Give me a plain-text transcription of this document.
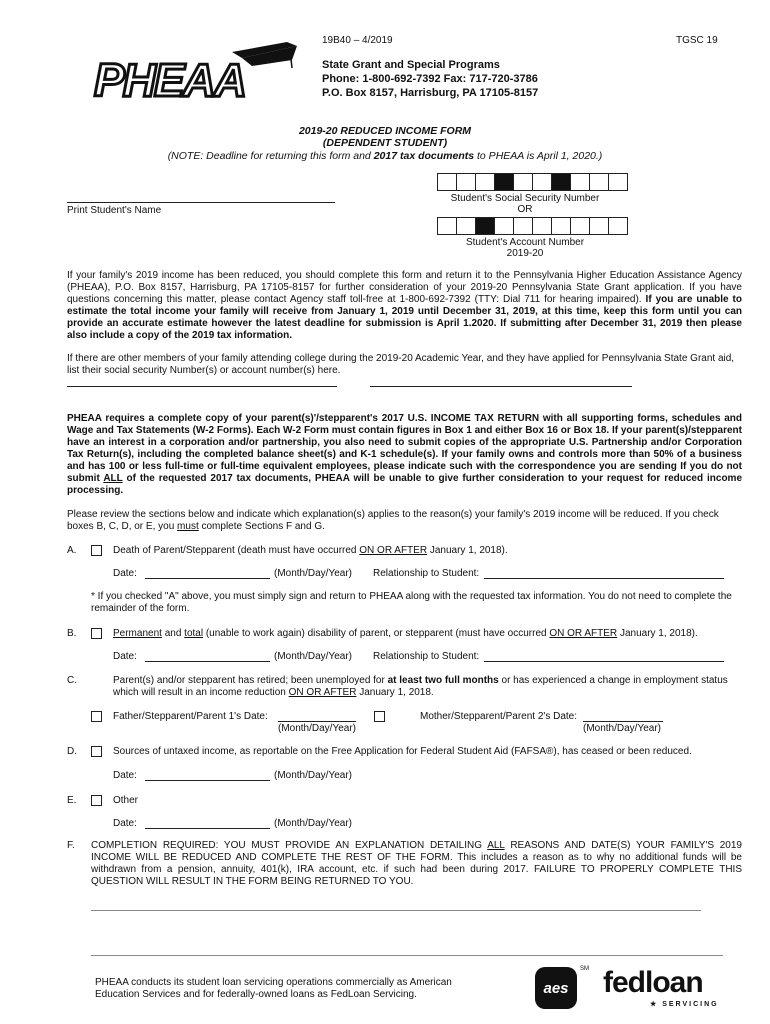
19B40 – 4/2019	TGSC 19
PHEAA	State Grant and Special Programs
Phone: 1-800-692-7392 Fax: 717-720-3786
P.O. Box 8157, Harrisburg, PA 17105-8157
2019-20 REDUCED INCOME FORM
(DEPENDENT STUDENT)
(NOTE: Deadline for returning this form and 2017 tax documents to PHEAA is April 1, 2020.)
Print Student's Name
Student's Social Security Number
OR
Student's Account Number
2019-20
If your family's 2019 income has been reduced, you should complete this form and return it to the Pennsylvania Higher Education Assistance Agency (PHEAA), P.O. Box 8157, Harrisburg, PA 17105-8157 for further consideration of your 2019-20 Pennsylvania State Grant application. If you have questions concerning this matter, please contact Agency staff toll-free at 1-800-692-7392 (TTY: Dial 711 for hearing impaired). If you are unable to estimate the total income your family will receive from January 1, 2019 until December 31, 2019, at this time, keep this form until you can provide an accurate estimate however the latest deadline for submission is April 1.2020. If submitting after December 31, 2019 then please also include a copy of the 2019 tax information.
If there are other members of your family attending college during the 2019-20 Academic Year, and they have applied for Pennsylvania State Grant aid, list their social security Number(s) or account number(s) here.
PHEAA requires a complete copy of your parent(s)'/stepparent's 2017 U.S. INCOME TAX RETURN with all supporting forms, schedules and Wage and Tax Statements (W-2 Forms). Each W-2 Form must contain figures in Box 1 and either Box 16 or Box 18. If your parent(s)/stepparent have an interest in a corporation and/or partnership, you also need to submit copies of the appropriate U.S. Partnership and/or Corporation Tax Return(s), including the completed balance sheet(s) and K-1 schedule(s). If your family owns and controls more than 50% of a business and has 100 or less full-time or full-time equivalent employees, please indicate such with the correspondence you are sending If you do not submit ALL of the requested 2017 tax documents, PHEAA will be unable to give further consideration to your request for reduced income processing.
Please review the sections below and indicate which explanation(s) applies to the reason(s) your family's 2019 income will be reduced. If you check boxes B, C, D, or E, you must complete Sections F and G.
A.	Death of Parent/Stepparent (death must have occurred ON OR AFTER January 1, 2018).
Date:	(Month/Day/Year) Relationship to Student:
* If you checked "A" above, you must simply sign and return to PHEAA along with the requested tax information. You do not need to complete the remainder of the form.
B.	Permanent and total (unable to work again) disability of parent, or stepparent (must have occurred ON OR AFTER January 1, 2018).
Date:	(Month/Day/Year) Relationship to Student:
C.	Parent(s) and/or stepparent has retired; been unemployed for at least two full months or has experienced a change in employment status which will result in an income reduction ON OR AFTER January 1, 2018.
Father/Stepparent/Parent 1's Date:
(Month/Day/Year)
Mother/Stepparent/Parent 2's Date:
(Month/Day/Year)
D.	Sources of untaxed income, as reportable on the Free Application for Federal Student Aid (FAFSA®), has ceased or been reduced.
Date:	(Month/Day/Year)
E.	Other
Date:	(Month/Day/Year)
F. COMPLETION REQUIRED: YOU MUST PROVIDE AN EXPLANATION DETAILING ALL REASONS AND DATE(S) YOUR FAMILY'S 2019 INCOME WILL BE REDUCED AND COMPLETE THE REST OF THE FORM. This includes a reason as to why no additional funds will be withdrawn from a pension, annuity, 401(k), IRA account, etc. if such had been during 2017. FAILURE TO PROPERLY COMPLETE THIS QUESTION WILL RESULT IN THE FORM BEING RETURNED TO YOU.
PHEAA conducts its student loan servicing operations commercially as American
Education Services and for federally-owned loans as FedLoan Servicing.	aes
SM fedloan
★ SERVICING
